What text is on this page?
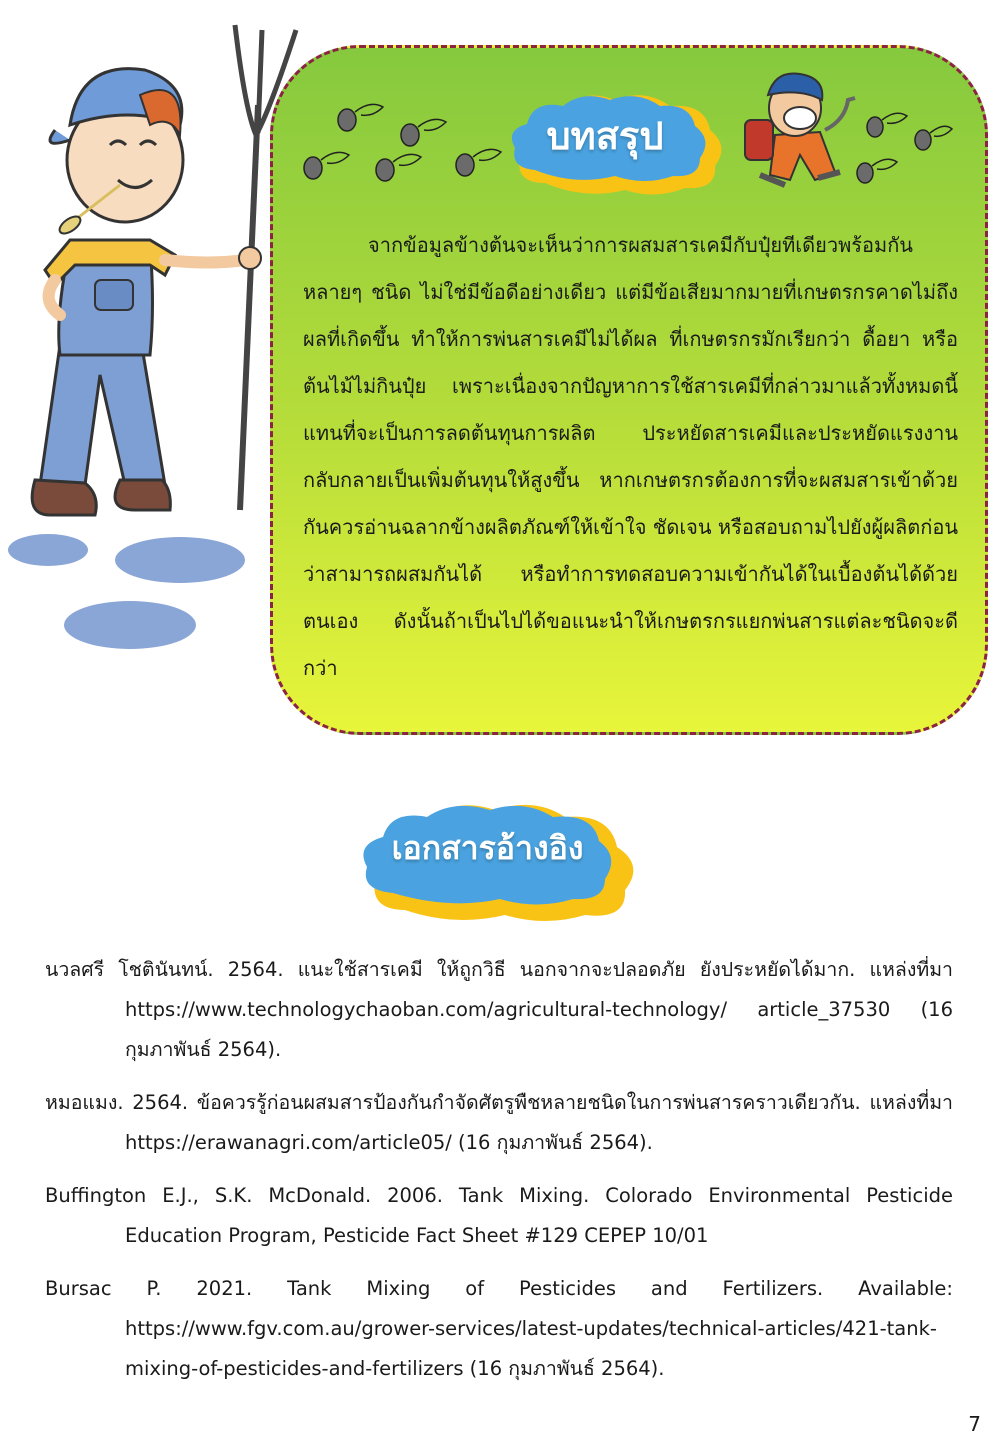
บทสรุป

จากข้อมูลข้างต้นจะเห็นว่าการผสมสารเคมีกับปุ๋ยทีเดียวพร้อมกันหลายๆ ชนิด ไม่ใช่มีข้อดีอย่างเดียว แต่มีข้อเสียมากมายที่เกษตรกรคาดไม่ถึงผลที่เกิดขึ้น ทำให้การพ่นสารเคมีไม่ได้ผล ที่เกษตรกรมักเรียกว่า ดื้อยา หรือต้นไม้ไม่กินปุ๋ย เพราะเนื่องจากปัญหาการใช้สารเคมีที่กล่าวมาแล้วทั้งหมดนี้ แทนที่จะเป็นการลดต้นทุนการผลิต ประหยัดสารเคมีและประหยัดแรงงาน กลับกลายเป็นเพิ่มต้นทุนให้สูงขึ้น หากเกษตรกรต้องการที่จะผสมสารเข้าด้วยกันควรอ่านฉลากข้างผลิตภัณฑ์ให้เข้าใจ ชัดเจน หรือสอบถามไปยังผู้ผลิตก่อนว่าสามารถผสมกันได้ หรือทำการทดสอบความเข้ากันได้ในเบื้องต้นได้ด้วยตนเอง ดังนั้นถ้าเป็นไปได้ขอแนะนำให้เกษตรกรแยกพ่นสารแต่ละชนิดจะดีกว่า

เอกสารอ้างอิง
นวลศรี โชตินันทน์. 2564. แนะใช้สารเคมี ให้ถูกวิธี นอกจากจะปลอดภัย ยังประหยัดได้มาก. แหล่งที่มา https://www.technologychaoban.com/agricultural-technology/ article_37530 (16 กุมภาพันธ์ 2564).
หมอแมง. 2564. ข้อควรรู้ก่อนผสมสารป้องกันกำจัดศัตรูพืชหลายชนิดในการพ่นสารคราวเดียวกัน. แหล่งที่มา https://erawanagri.com/article05/ (16 กุมภาพันธ์ 2564).
Buffington E.J., S.K. McDonald. 2006. Tank Mixing. Colorado Environmental Pesticide Education Program, Pesticide Fact Sheet #129 CEPEP 10/01
Bursac P. 2021. Tank Mixing of Pesticides and Fertilizers. Available: https://www.fgv.com.au/grower-services/latest-updates/technical-articles/421-tank-mixing-of-pesticides-and-fertilizers (16 กุมภาพันธ์ 2564).
7
